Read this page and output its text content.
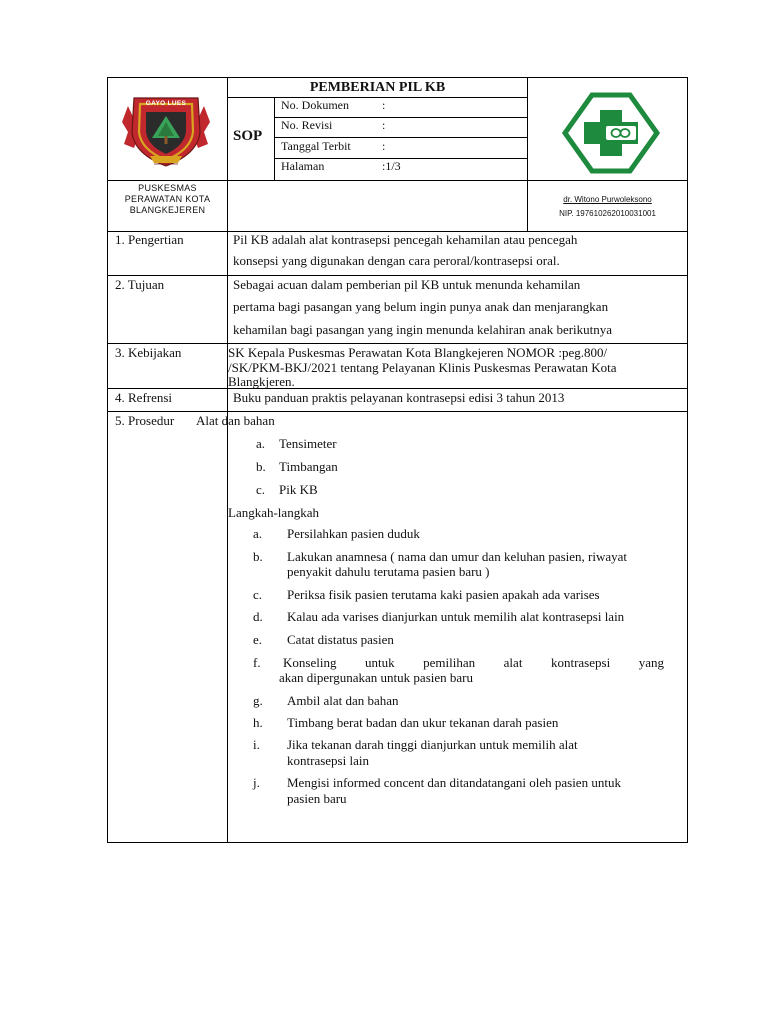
GAYO LUES
PUSKESMAS
PERAWATAN KOTA
BLANGKEJEREN
PEMBERIAN PIL KB
SOP
No. Dokumen	:
No. Revisi	:
Tanggal Terbit	:
Halaman	:1/3
dr. Witono Purwoleksono
NIP. 197610262010031001
1. Pengertian	Pil KB adalah alat kontrasepsi pencegah kehamilan atau pencegah
konsepsi yang digunakan dengan cara peroral/kontrasepsi oral.
2. Tujuan	Sebagai acuan dalam pemberian pil KB untuk menunda kehamilan
pertama bagi pasangan yang belum ingin punya anak dan menjarangkan
kehamilan bagi pasangan yang ingin menunda kelahiran anak berikutnya
3. Kebijakan	SK Kepala Puskesmas Perawatan Kota Blangkejeren NOMOR :peg.800/
/SK/PKM-BKJ/2021 tentang Pelayanan Klinis Puskesmas Perawatan Kota
Blangkjeren.
4. Refrensi	Buku panduan praktis pelayanan kontrasepsi edisi 3 tahun 2013
5. Prosedur Alat dan bahan
a. Tensimeter
b. Timbangan
c. Pik KB
Langkah-langkah
a. Persilahkan pasien duduk
b. Lakukan anamnesa ( nama dan umur dan keluhan pasien, riwayat
penyakit dahulu terutama pasien baru )
c. Periksa fisik pasien terutama kaki pasien apakah ada varises
d. Kalau ada varises dianjurkan untuk memilih alat kontrasepsi lain
e. Catat distatus pasien
f. Konseling untuk pemilihan alat kontrasepsi yang
akan dipergunakan untuk pasien baru
g. Ambil alat dan bahan
h. Timbang berat badan dan ukur tekanan darah pasien
i. Jika tekanan darah tinggi dianjurkan untuk memilih alat
kontrasepsi lain
j. Mengisi informed concent dan ditandatangani oleh pasien untuk
pasien baru
